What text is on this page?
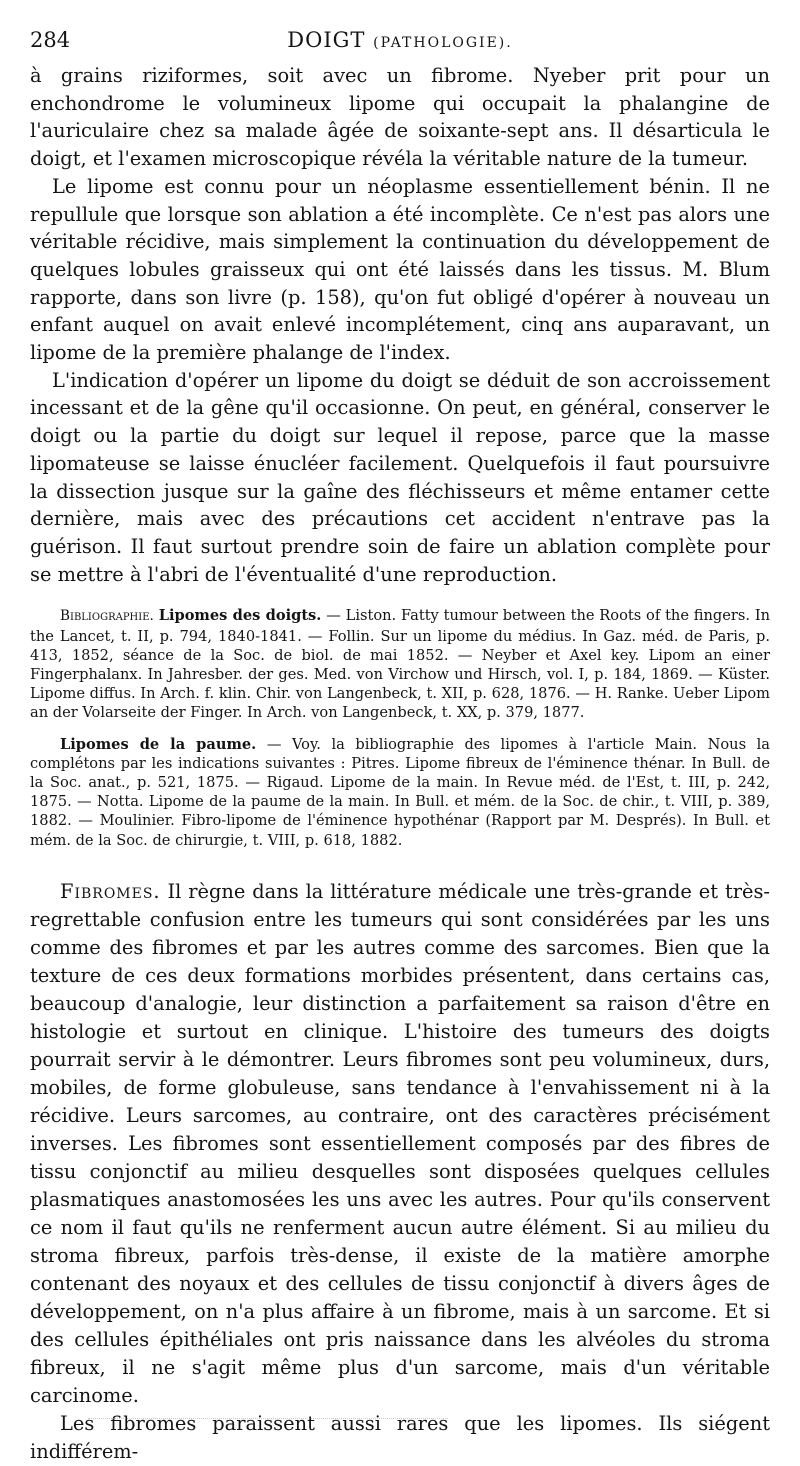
284	DOIGT (PATHOLOGIE).

à grains riziformes, soit avec un fibrome. Nyeber prit pour un enchondrome le volumineux lipome qui occupait la phalangine de l'auriculaire chez sa malade âgée de soixante-sept ans. Il désarticula le doigt, et l'examen microscopique révéla la véritable nature de la tumeur.

Le lipome est connu pour un néoplasme essentiellement bénin. Il ne repullule que lorsque son ablation a été incomplète. Ce n'est pas alors une véritable récidive, mais simplement la continuation du développement de quelques lobules graisseux qui ont été laissés dans les tissus. M. Blum rapporte, dans son livre (p. 158), qu'on fut obligé d'opérer à nouveau un enfant auquel on avait enlevé incomplétement, cinq ans auparavant, un lipome de la première phalange de l'index.

L'indication d'opérer un lipome du doigt se déduit de son accroissement incessant et de la gêne qu'il occasionne. On peut, en général, conserver le doigt ou la partie du doigt sur lequel il repose, parce que la masse lipomateuse se laisse énucléer facilement. Quelquefois il faut poursuivre la dissection jusque sur la gaîne des fléchisseurs et même entamer cette dernière, mais avec des précautions cet accident n'entrave pas la guérison. Il faut surtout prendre soin de faire un ablation complète pour se mettre à l'abri de l'éventualité d'une reproduction.

Bibliographie. Lipomes des doigts. — Liston. Fatty tumour between the Roots of the fingers. In the Lancet, t. II, p. 794, 1840-1841. — Follin. Sur un lipome du médius. In Gaz. méd. de Paris, p. 413, 1852, séance de la Soc. de biol. de mai 1852. — Neyber et Axel key. Lipom an einer Fingerphalanx. In Jahresber. der ges. Med. von Virchow und Hirsch, vol. I, p. 184, 1869. — Küster. Lipome diffus. In Arch. f. klin. Chir. von Langenbeck, t. XII, p. 628, 1876. — H. Ranke. Ueber Lipom an der Volarseite der Finger. In Arch. von Langenbeck, t. XX, p. 379, 1877.

Lipomes de la paume. — Voy. la bibliographie des lipomes à l'article Main. Nous la complétons par les indications suivantes : Pitres. Lipome fibreux de l'éminence thénar. In Bull. de la Soc. anat., p. 521, 1875. — Rigaud. Lipome de la main. In Revue méd. de l'Est, t. III, p. 242, 1875. — Notta. Lipome de la paume de la main. In Bull. et mém. de la Soc. de chir., t. VIII, p. 389, 1882. — Moulinier. Fibro-lipome de l'éminence hypothénar (Rapport par M. Després). In Bull. et mém. de la Soc. de chirurgie, t. VIII, p. 618, 1882.

Fibromes. Il règne dans la littérature médicale une très-grande et très-regrettable confusion entre les tumeurs qui sont considérées par les uns comme des fibromes et par les autres comme des sarcomes. Bien que la texture de ces deux formations morbides présentent, dans certains cas, beaucoup d'analogie, leur distinction a parfaitement sa raison d'être en histologie et surtout en clinique. L'histoire des tumeurs des doigts pourrait servir à le démontrer. Leurs fibromes sont peu volumineux, durs, mobiles, de forme globuleuse, sans tendance à l'envahissement ni à la récidive. Leurs sarcomes, au contraire, ont des caractères précisément inverses. Les fibromes sont essentiellement composés par des fibres de tissu conjonctif au milieu desquelles sont disposées quelques cellules plasmatiques anastomosées les uns avec les autres. Pour qu'ils conservent ce nom il faut qu'ils ne renferment aucun autre élément. Si au milieu du stroma fibreux, parfois très-dense, il existe de la matière amorphe contenant des noyaux et des cellules de tissu conjonctif à divers âges de développement, on n'a plus affaire à un fibrome, mais à un sarcome. Et si des cellules épithéliales ont pris naissance dans les alvéoles du stroma fibreux, il ne s'agit même plus d'un sarcome, mais d'un véritable carcinome.

Les fibromes paraissent aussi rares que les lipomes. Ils siégent indifférem-
